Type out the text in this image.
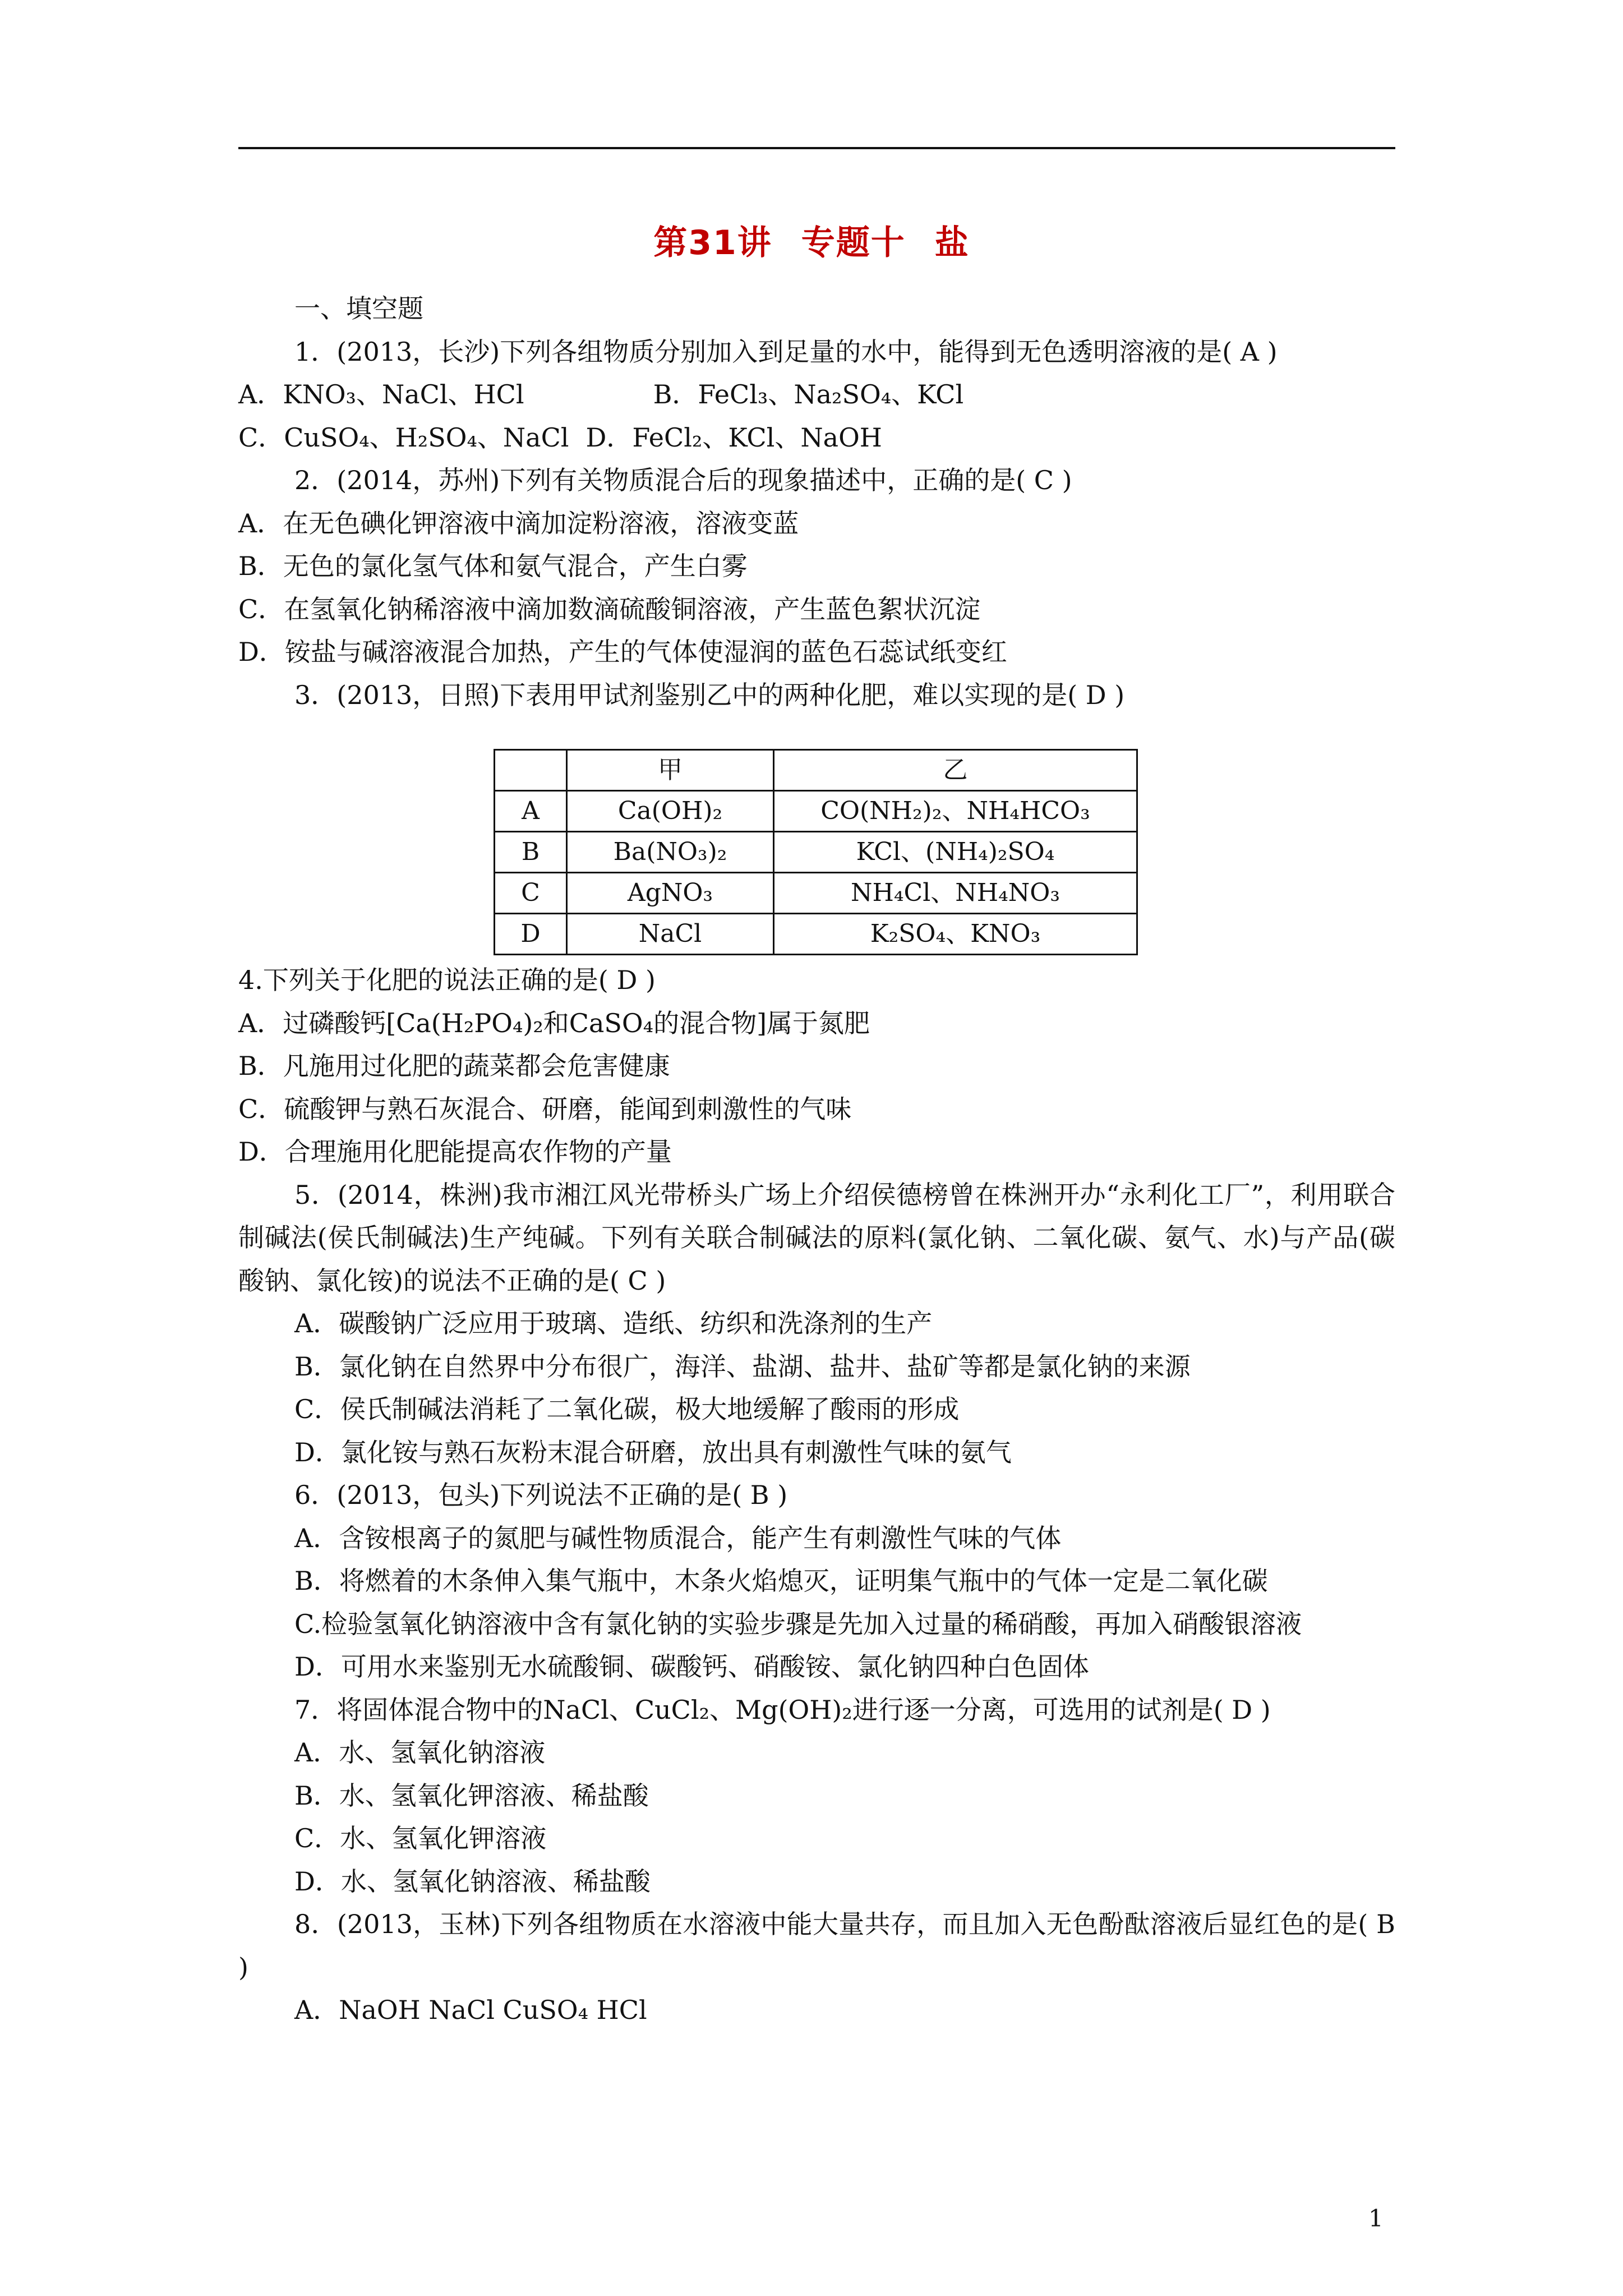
第31讲 专题十 盐
一、填空题
1．(2013，长沙)下列各组物质分别加入到足量的水中，能得到无色透明溶液的是( A )
A．KNO₃、NaCl、HCl	B．FeCl₃、Na₂SO₄、KCl
C．CuSO₄、H₂SO₄、NaCl D．FeCl₂、KCl、NaOH
2．(2014，苏州)下列有关物质混合后的现象描述中，正确的是( C )
A．在无色碘化钾溶液中滴加淀粉溶液，溶液变蓝
B．无色的氯化氢气体和氨气混合，产生白雾
C．在氢氧化钠稀溶液中滴加数滴硫酸铜溶液，产生蓝色絮状沉淀
D．铵盐与碱溶液混合加热，产生的气体使湿润的蓝色石蕊试纸变红
3．(2013，日照)下表用甲试剂鉴别乙中的两种化肥，难以实现的是( D )
	甲	乙
A	Ca(OH)₂	CO(NH₂)₂、NH₄HCO₃
B	Ba(NO₃)₂	KCl、(NH₄)₂SO₄
C	AgNO₃	NH₄Cl、NH₄NO₃
D	NaCl	K₂SO₄、KNO₃
4.下列关于化肥的说法正确的是( D )
A．过磷酸钙[Ca(H₂PO₄)₂和CaSO₄的混合物]属于氮肥
B．凡施用过化肥的蔬菜都会危害健康
C．硫酸钾与熟石灰混合、研磨，能闻到刺激性的气味
D．合理施用化肥能提高农作物的产量
5．(2014，株洲)我市湘江风光带桥头广场上介绍侯德榜曾在株洲开办“永利化工厂”，利用联合制碱法(侯氏制碱法)生产纯碱。下列有关联合制碱法的原料(氯化钠、二氧化碳、氨气、水)与产品(碳酸钠、氯化铵)的说法不正确的是( C )
A．碳酸钠广泛应用于玻璃、造纸、纺织和洗涤剂的生产
B．氯化钠在自然界中分布很广，海洋、盐湖、盐井、盐矿等都是氯化钠的来源
C．侯氏制碱法消耗了二氧化碳，极大地缓解了酸雨的形成
D．氯化铵与熟石灰粉末混合研磨，放出具有刺激性气味的氨气
6．(2013，包头)下列说法不正确的是( B )
A．含铵根离子的氮肥与碱性物质混合，能产生有刺激性气味的气体
B．将燃着的木条伸入集气瓶中，木条火焰熄灭，证明集气瓶中的气体一定是二氧化碳
C.检验氢氧化钠溶液中含有氯化钠的实验步骤是先加入过量的稀硝酸，再加入硝酸银溶液
D．可用水来鉴别无水硫酸铜、碳酸钙、硝酸铵、氯化钠四种白色固体
7．将固体混合物中的NaCl、CuCl₂、Mg(OH)₂进行逐一分离，可选用的试剂是( D )
A．水、氢氧化钠溶液
B．水、氢氧化钾溶液、稀盐酸
C．水、氢氧化钾溶液
D．水、氢氧化钠溶液、稀盐酸
8．(2013，玉林)下列各组物质在水溶液中能大量共存，而且加入无色酚酞溶液后显红色的是( B )
A．NaOH NaCl CuSO₄ HCl
1
